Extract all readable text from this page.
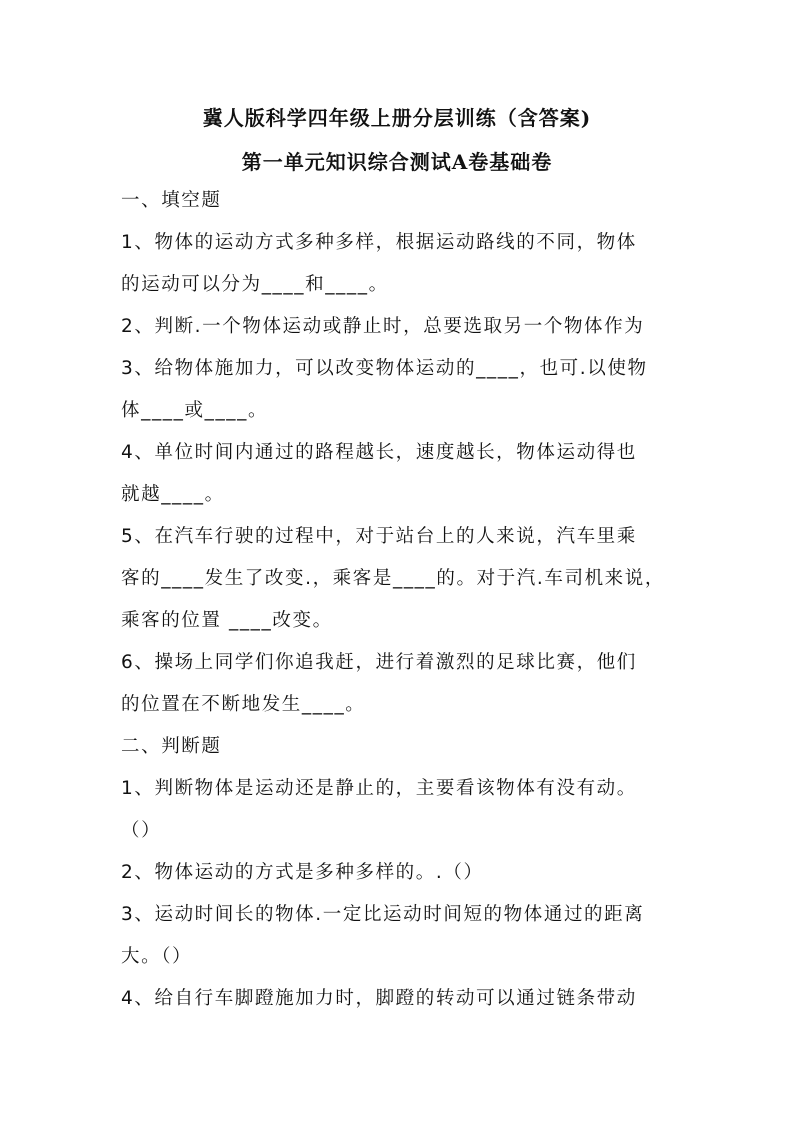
冀人版科学四年级上册分层训练（含答案)
第一单元知识综合测试A卷基础卷
一、填空题
1、物体的运动方式多种多样，根据运动路线的不同，物体
的运动可以分为____和____。
2、判断.一个物体运动或静止时，总要选取另一个物体作为
3、给物体施加力，可以改变物体运动的____，也可.以使物
体____或____。
4、单位时间内通过的路程越长，速度越长，物体运动得也
就越____。
5、在汽车行驶的过程中，对于站台上的人来说，汽车里乘
客的____发生了改变.，乘客是____的。对于汽.车司机来说，
乘客的位置 ____改变。
6、操场上同学们你追我赶，进行着激烈的足球比赛，他们
的位置在不断地发生____。
二、判断题
1、判断物体是运动还是静止的，主要看该物体有没有动。
（）
2、物体运动的方式是多种多样的。.（）
3、运动时间长的物体.一定比运动时间短的物体通过的距离
大。（）
4、给自行车脚蹬施加力时，脚蹬的转动可以通过链条带动
